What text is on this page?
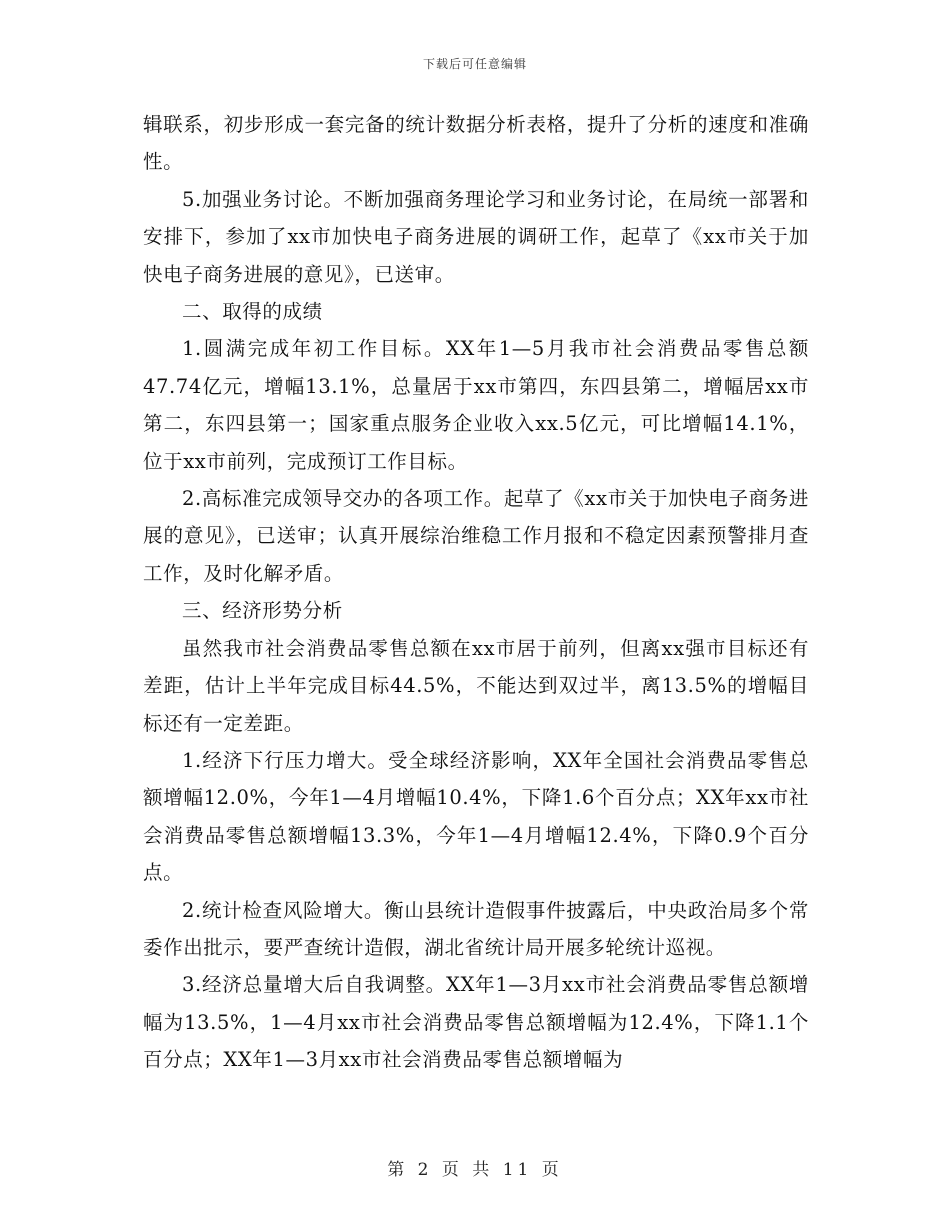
下载后可任意编辑

辑联系，初步形成一套完备的统计数据分析表格，提升了分析的速度和准确性。

5.加强业务讨论。不断加强商务理论学习和业务讨论，在局统一部署和安排下，参加了xx市加快电子商务进展的调研工作，起草了《xx市关于加快电子商务进展的意见》，已送审。

二、取得的成绩

1.圆满完成年初工作目标。XX年1—5月我市社会消费品零售总额47.74亿元，增幅13.1%，总量居于xx市第四，东四县第二，增幅居xx市第二，东四县第一；国家重点服务企业收入xx.5亿元，可比增幅14.1%，位于xx市前列，完成预订工作目标。

2.高标准完成领导交办的各项工作。起草了《xx市关于加快电子商务进展的意见》，已送审；认真开展综治维稳工作月报和不稳定因素预警排月查工作，及时化解矛盾。

三、经济形势分析

虽然我市社会消费品零售总额在xx市居于前列，但离xx强市目标还有差距，估计上半年完成目标44.5%，不能达到双过半，离13.5%的增幅目标还有一定差距。

1.经济下行压力增大。受全球经济影响，XX年全国社会消费品零售总额增幅12.0%，今年1—4月增幅10.4%，下降1.6个百分点；XX年xx市社会消费品零售总额增幅13.3%，今年1—4月增幅12.4%，下降0.9个百分点。

2.统计检查风险增大。衡山县统计造假事件披露后，中央政治局多个常委作出批示，要严查统计造假，湖北省统计局开展多轮统计巡视。

3.经济总量增大后自我调整。XX年1—3月xx市社会消费品零售总额增幅为13.5%，1—4月xx市社会消费品零售总额增幅为12.4%，下降1.1个百分点；XX年1—3月xx市社会消费品零售总额增幅为

第 2 页 共 11 页
